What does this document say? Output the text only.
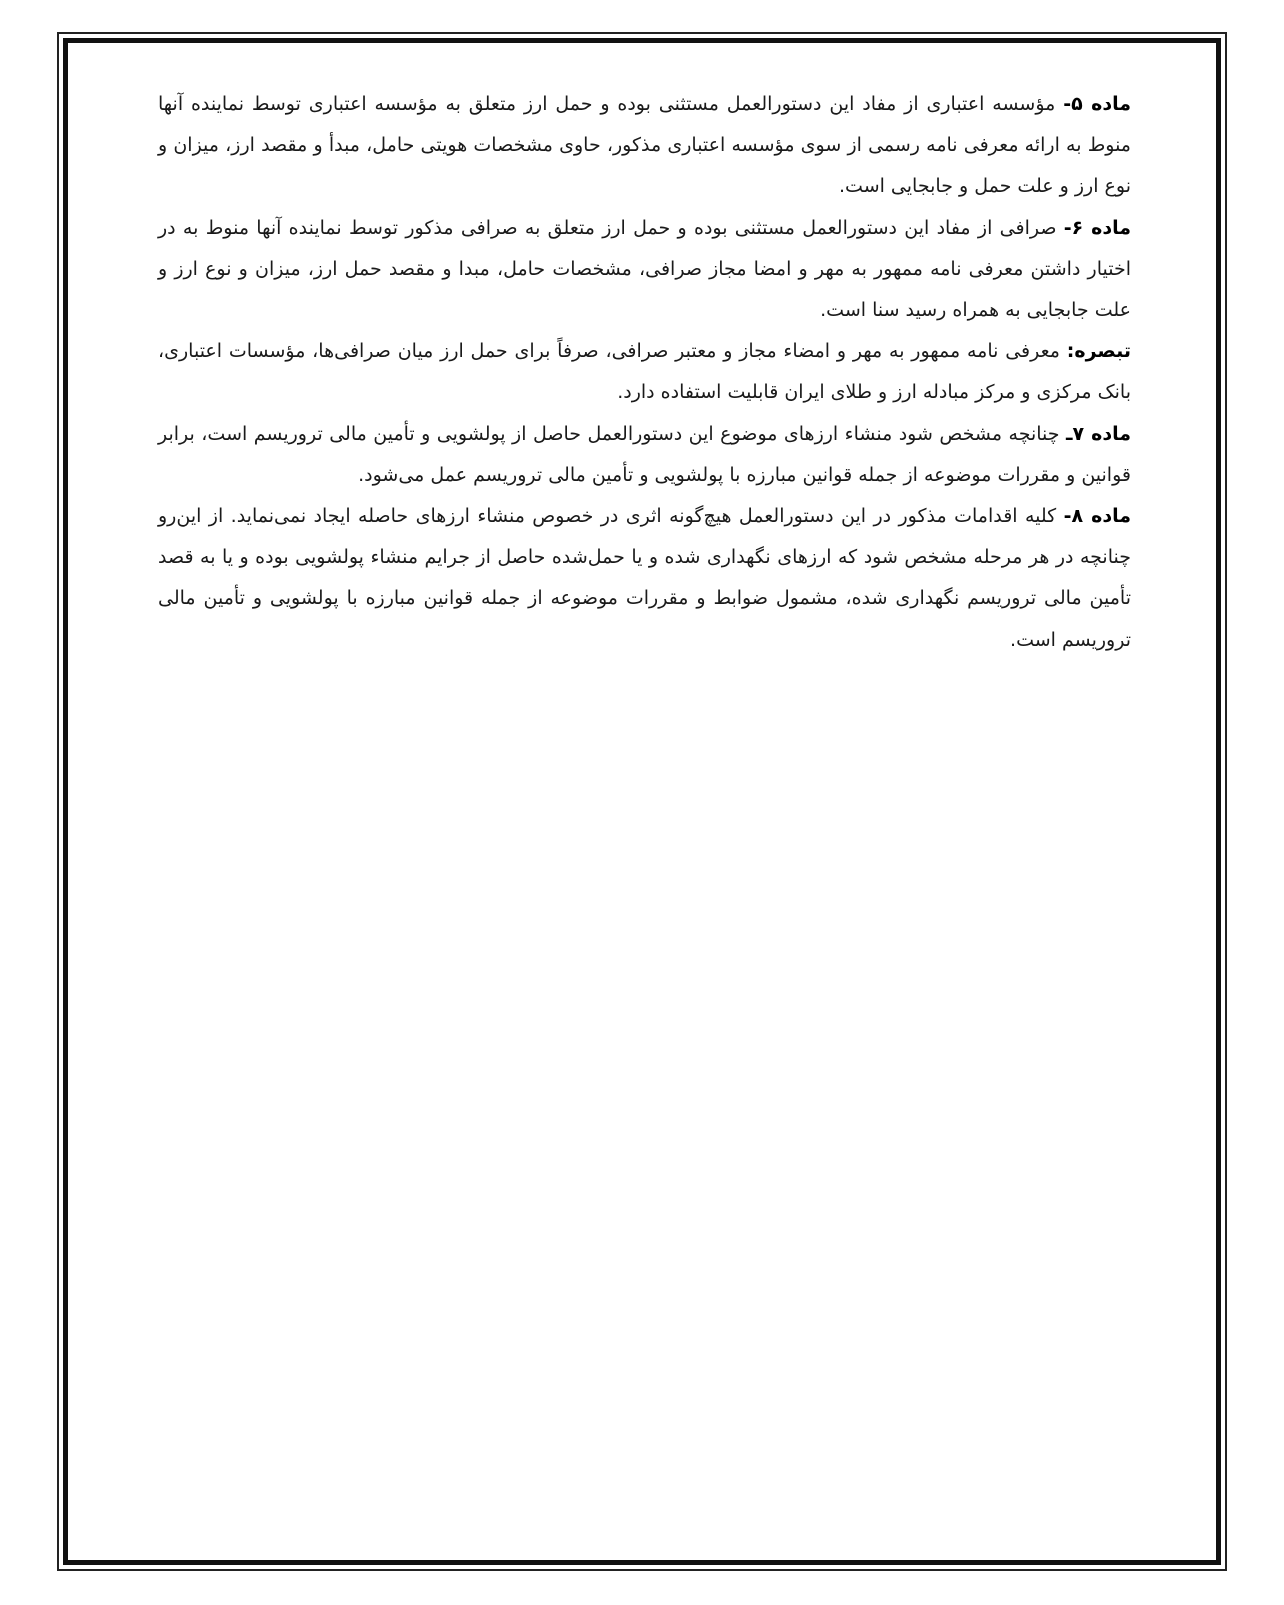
ماده ۵- مؤسسه اعتباری از مفاد این دستورالعمل مستثنی بوده و حمل ارز متعلق به مؤسسه اعتباری توسط نماینده آنها منوط به ارائه معرفی نامه رسمی از سوی مؤسسه اعتباری مذکور، حاوی مشخصات هویتی حامل، مبدأ و مقصد ارز، میزان و نوع ارز و علت حمل و جابجایی است.

ماده ۶- صرافی از مفاد این دستورالعمل مستثنی بوده و حمل ارز متعلق به صرافی مذکور توسط نماینده آنها منوط به در اختیار داشتن معرفی نامه ممهور به مهر و امضا مجاز صرافی، مشخصات حامل، مبدا و مقصد حمل ارز، میزان و نوع ارز و علت جابجایی به همراه رسید سنا است.

تبصره: معرفی نامه ممهور به مهر و امضاء مجاز و معتبر صرافی، صرفاً برای حمل ارز میان صرافی‌ها، مؤسسات اعتباری، بانک مرکزی و مرکز مبادله ارز و طلای ایران قابلیت استفاده دارد.

ماده ۷ـ چنانچه مشخص شود منشاء ارزهای موضوع این دستورالعمل حاصل از پولشویی و تأمین مالی تروریسم است، برابر قوانین و مقررات موضوعه از جمله قوانین مبارزه با پولشویی و تأمین مالی تروریسم عمل می‌شود.

ماده ۸- کلیه اقدامات مذکور در این دستورالعمل هیچ‌گونه اثری در خصوص منشاء ارزهای حاصله ایجاد نمی‌نماید. از این‌رو چنانچه در هر مرحله مشخص شود که ارزهای نگهداری شده و یا حمل‌شده حاصل از جرایم منشاء پولشویی بوده و یا به قصد تأمین مالی تروریسم نگهداری شده، مشمول ضوابط و مقررات موضوعه از جمله قوانین مبارزه با پولشویی و تأمین مالی تروریسم است.
